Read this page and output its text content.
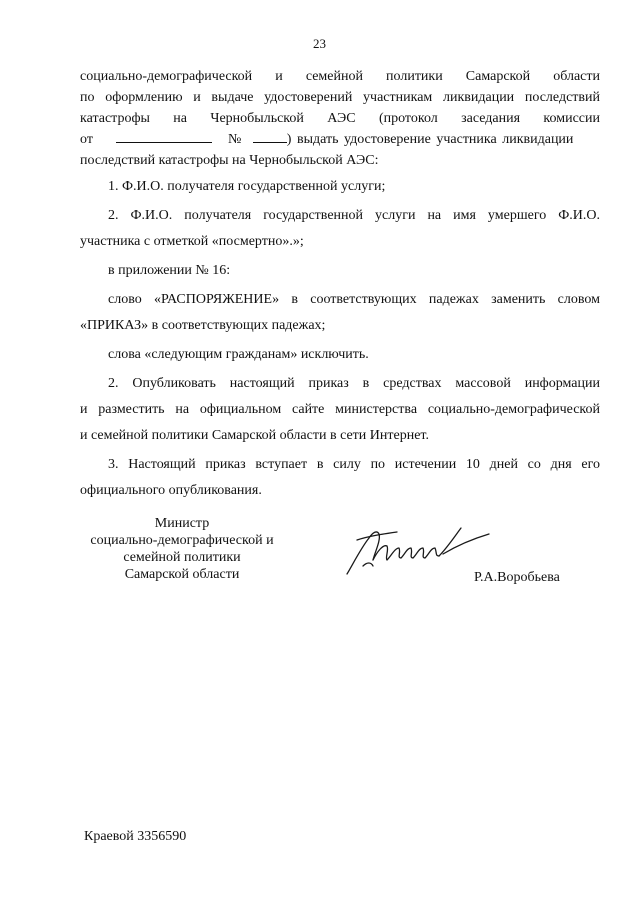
23
социально-демографической и семейной политики Самарской области
по оформлению и выдаче удостоверений участникам ликвидации последствий
катастрофы на Чернобыльской АЭС (протокол заседания комиссии
от	№	) выдать удостоверение участника ликвидации
последствий катастрофы на Чернобыльской АЭС:
1. Ф.И.О. получателя государственной услуги;
2. Ф.И.О. получателя государственной услуги на имя умершего Ф.И.О.
участника с отметкой «посмертно».»;
в приложении № 16:
слово «РАСПОРЯЖЕНИЕ» в соответствующих падежах заменить словом
«ПРИКАЗ» в соответствующих падежах;
слова «следующим гражданам» исключить.
2. Опубликовать настоящий приказ в средствах массовой информации
и разместить на официальном сайте министерства социально-демографической
и семейной политики Самарской области в сети Интернет.
3. Настоящий приказ вступает в силу по истечении 10 дней со дня его
официального опубликования.
Министр
социально-демографической и
семейной политики
Самарской области	Р.А.Воробьева
Краевой 3356590
